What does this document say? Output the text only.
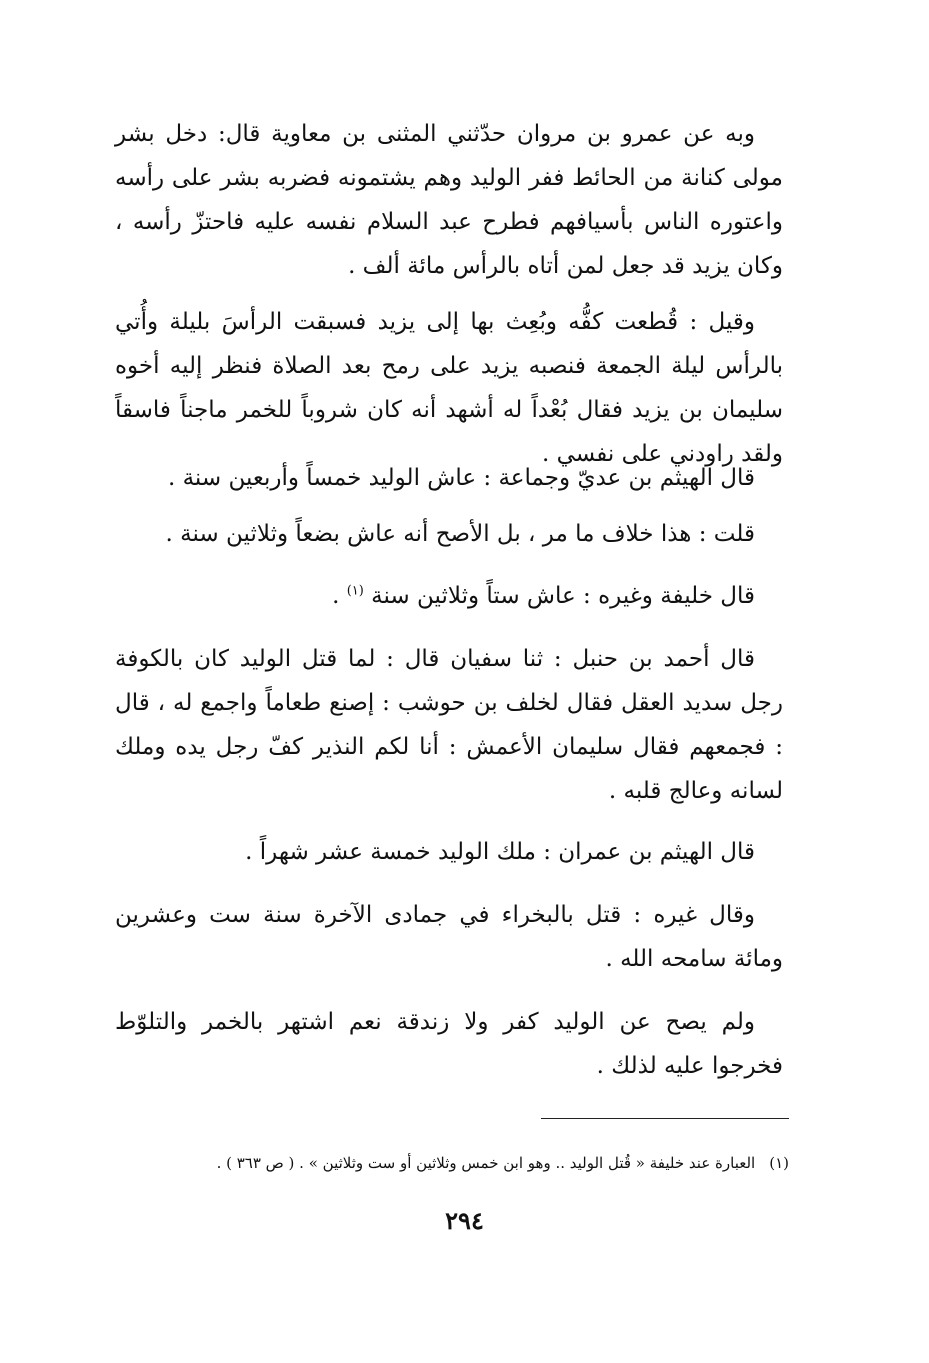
وبه عن عمرو بن مروان حدّثني المثنى بن معاوية قال: دخل بشر مولى كنانة من الحائط ففر الوليد وهم يشتمونه فضربه بشر على رأسه واعتوره الناس بأسيافهم فطرح عبد السلام نفسه عليه فاحتزّ رأسه ، وكان يزيد قد جعل لمن أتاه بالرأس مائة ألف .

وقيل : قُطعت كفُّه وبُعِث بها إلى يزيد فسبقت الرأسَ بليلة وأُتي بالرأس ليلة الجمعة فنصبه يزيد على رمح بعد الصلاة فنظر إليه أخوه سليمان بن يزيد فقال بُعْداً له أشهد أنه كان شروباً للخمر ماجناً فاسقاً ولقد راودني على نفسي .

قال الهيثم بن عديّ وجماعة : عاش الوليد خمساً وأربعين سنة .

قلت : هذا خلاف ما مر ، بل الأصح أنه عاش بضعاً وثلاثين سنة .

قال خليفة وغيره : عاش ستاً وثلاثين سنة $^{(١)}$ .

قال أحمد بن حنبل : ثنا سفيان قال : لما قتل الوليد كان بالكوفة رجل سديد العقل فقال لخلف بن حوشب : إصنع طعاماً واجمع له ، قال : فجمعهم فقال سليمان الأعمش : أنا لكم النذير كفّ رجل يده وملك لسانه وعالج قلبه .

قال الهيثم بن عمران : ملك الوليد خمسة عشر شهراً .

وقال غيره : قتل بالبخراء في جمادى الآخرة سنة ست وعشرين ومائة سامحه الله .

ولم يصح عن الوليد كفر ولا زندقة نعم اشتهر بالخمر والتلوّط فخرجوا عليه لذلك .

(١)العبارة عند خليفة « قُتل الوليد .. وهو ابن خمس وثلاثين أو ست وثلاثين » . ( ص ٣٦٣ ) .

٢٩٤
